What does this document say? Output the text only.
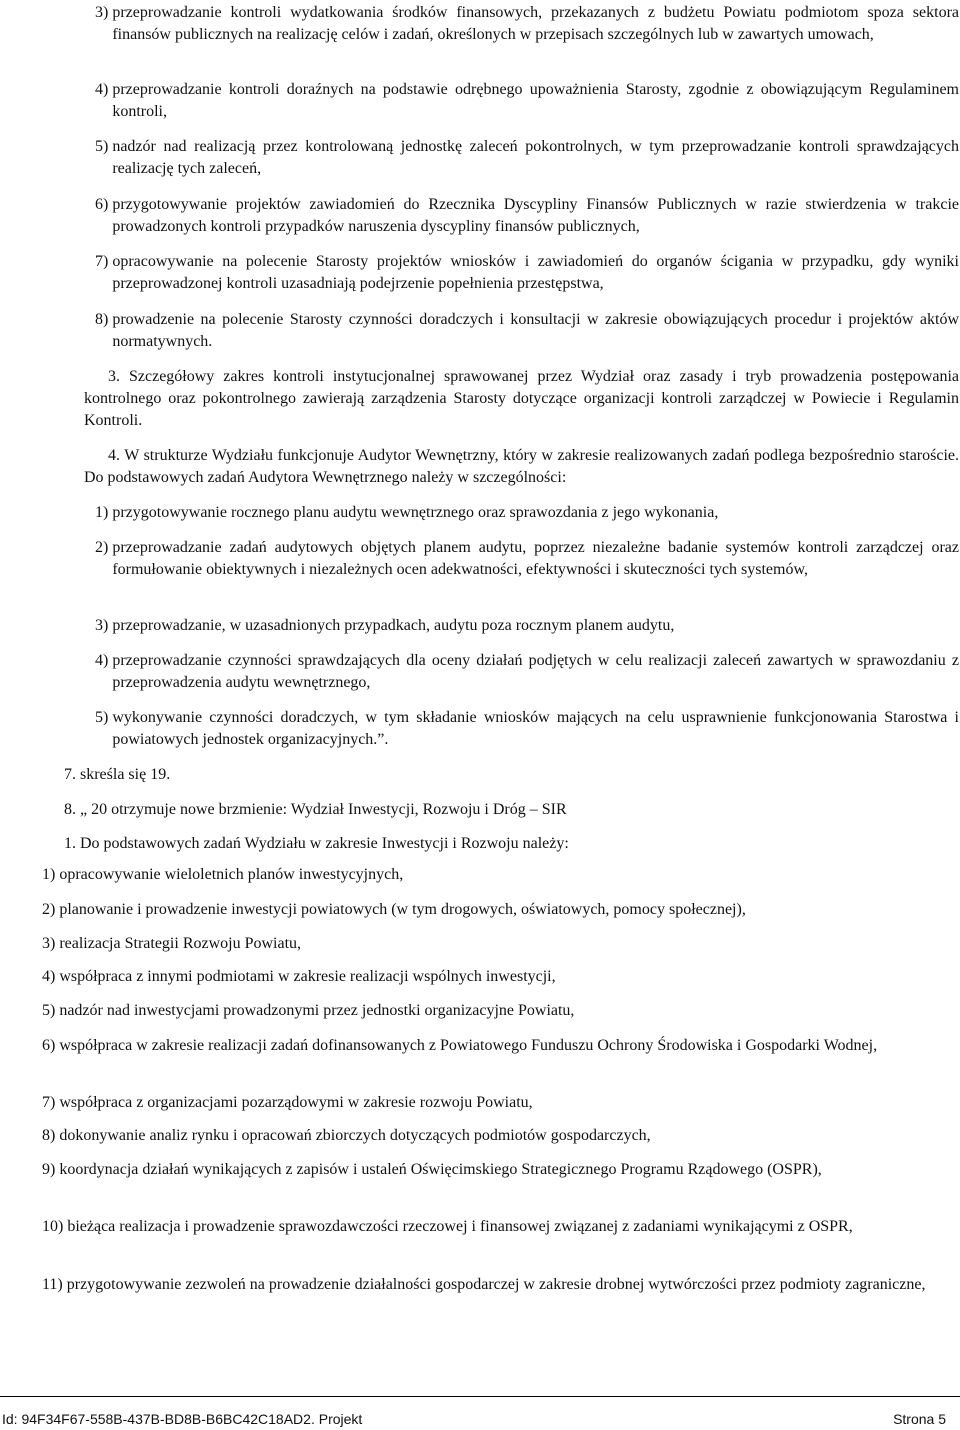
3) przeprowadzanie kontroli wydatkowania środków finansowych, przekazanych z budżetu Powiatu podmiotom spoza sektora finansów publicznych na realizację celów i zadań, określonych w przepisach szczególnych lub w zawartych umowach,
4) przeprowadzanie kontroli doraźnych na podstawie odrębnego upoważnienia Starosty, zgodnie z obowiązującym Regulaminem kontroli,
5) nadzór nad realizacją przez kontrolowaną jednostkę zaleceń pokontrolnych, w tym przeprowadzanie kontroli sprawdzających realizację tych zaleceń,
6) przygotowywanie projektów zawiadomień do Rzecznika Dyscypliny Finansów Publicznych w razie stwierdzenia w trakcie prowadzonych kontroli przypadków naruszenia dyscypliny finansów publicznych,
7) opracowywanie na polecenie Starosty projektów wniosków i zawiadomień do organów ścigania w przypadku, gdy wyniki przeprowadzonej kontroli uzasadniają podejrzenie popełnienia przestępstwa,
8) prowadzenie na polecenie Starosty czynności doradczych i konsultacji w zakresie obowiązujących procedur i projektów aktów normatywnych.
3. Szczegółowy zakres kontroli instytucjonalnej sprawowanej przez Wydział oraz zasady i tryb prowadzenia postępowania kontrolnego oraz pokontrolnego zawierają zarządzenia Starosty dotyczące organizacji kontroli zarządczej w Powiecie i Regulamin Kontroli.
4. W strukturze Wydziału funkcjonuje Audytor Wewnętrzny, który w zakresie realizowanych zadań podlega bezpośrednio staroście. Do podstawowych zadań Audytora Wewnętrznego należy w szczególności:
1) przygotowywanie rocznego planu audytu wewnętrznego oraz sprawozdania z jego wykonania,
2) przeprowadzanie zadań audytowych objętych planem audytu, poprzez niezależne badanie systemów kontroli zarządczej oraz formułowanie obiektywnych i niezależnych ocen adekwatności, efektywności i skuteczności tych systemów,
3) przeprowadzanie, w uzasadnionych przypadkach, audytu poza rocznym planem audytu,
4) przeprowadzanie czynności sprawdzających dla oceny działań podjętych w celu realizacji zaleceń zawartych w sprawozdaniu z przeprowadzenia audytu wewnętrznego,
5) wykonywanie czynności doradczych, w tym składanie wniosków mających na celu usprawnienie funkcjonowania Starostwa i powiatowych jednostek organizacyjnych.”.
7. skreśla się 19.
8. „ 20 otrzymuje nowe brzmienie: Wydział Inwestycji, Rozwoju i Dróg – SIR
1. Do podstawowych zadań Wydziału w zakresie Inwestycji i Rozwoju należy:
1) opracowywanie wieloletnich planów inwestycyjnych,
2) planowanie i prowadzenie inwestycji powiatowych (w tym drogowych, oświatowych, pomocy społecznej),
3) realizacja Strategii Rozwoju Powiatu,
4) współpraca z innymi podmiotami w zakresie realizacji wspólnych inwestycji,
5) nadzór nad inwestycjami prowadzonymi przez jednostki organizacyjne Powiatu,
6) współpraca w zakresie realizacji zadań dofinansowanych z Powiatowego Funduszu Ochrony Środowiska i Gospodarki Wodnej,
7) współpraca z organizacjami pozarządowymi w zakresie rozwoju Powiatu,
8) dokonywanie analiz rynku i opracowań zbiorczych dotyczących podmiotów gospodarczych,
9) koordynacja działań wynikających z zapisów i ustaleń Oświęcimskiego Strategicznego Programu Rządowego (OSPR),
10) bieżąca realizacja i prowadzenie sprawozdawczości rzeczowej i finansowej związanej z zadaniami wynikającymi z OSPR,
11) przygotowywanie zezwoleń na prowadzenie działalności gospodarczej w zakresie drobnej wytwórczości przez podmioty zagraniczne,
Id: 94F34F67-558B-437B-BD8B-B6BC42C18AD2. Projekt	Strona 5
